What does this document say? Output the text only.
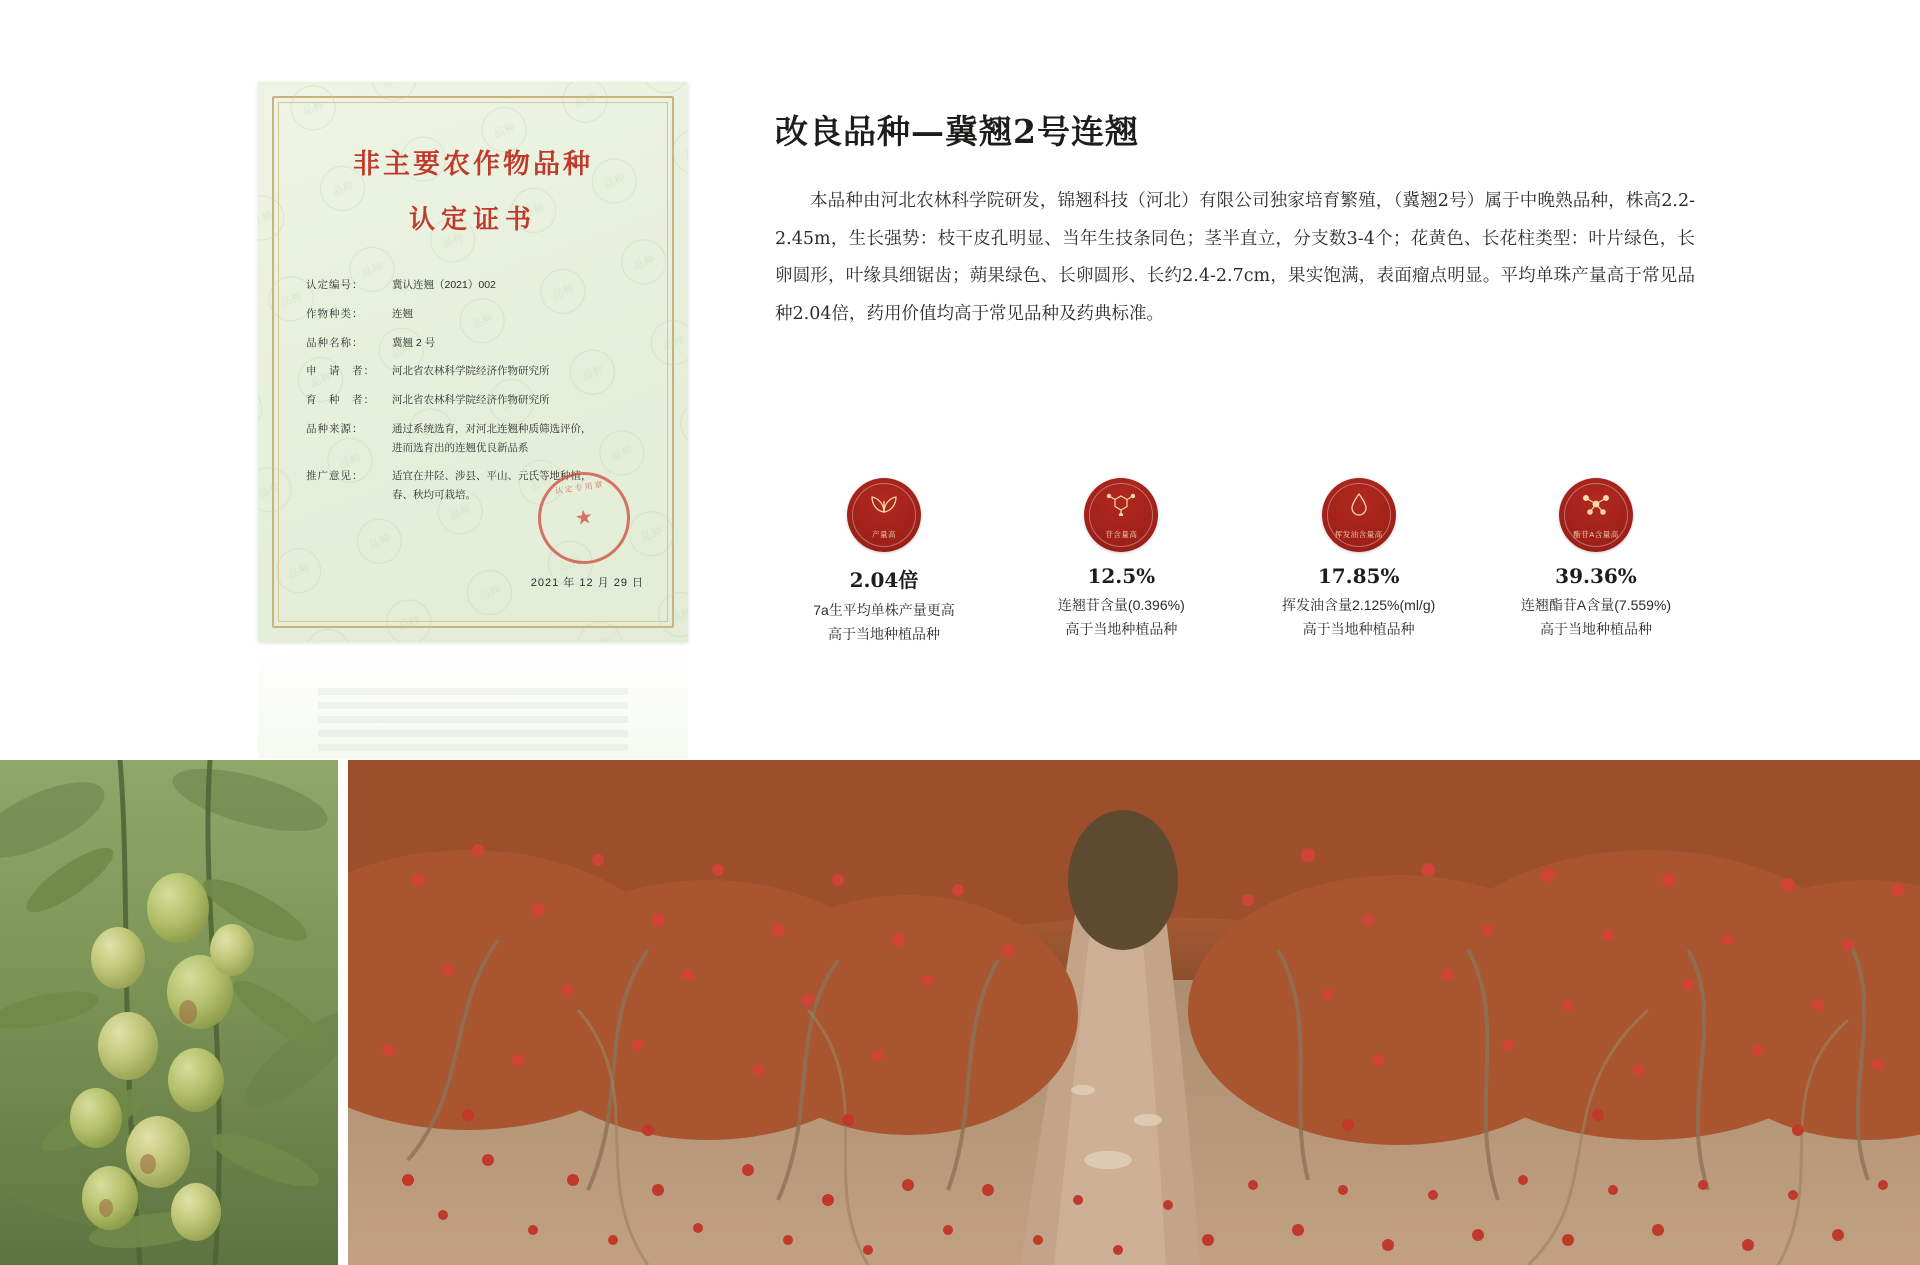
非主要农作物品种
认定证书
认定编号：	冀认连翘（2021）002
作物种类：	连翘
品种名称：	冀翘 2 号
申　请　者：	河北省农林科学院经济作物研究所
育　种　者：	河北省农林科学院经济作物研究所
品种来源：	通过系统选育，对河北连翘种质筛选评价，
进而选育出的连翘优良新品系
推广意见：	适宜在井陉、涉县、平山、元氏等地种植，
春、秋均可栽培。	认定专用章
★
2021 年 12 月 29 日
改良品种—冀翘2号连翘

本品种由河北农林科学院研发，锦翘科技（河北）有限公司独家培育繁殖，（冀翘2号）属于中晚熟品种，株高2.2-2.45m，生长强势：枝干皮孔明显、当年生技条同色；茎半直立，分支数3-4个；花黄色、长花柱类型：叶片绿色，长卵圆形，叶缘具细锯齿；蒴果绿色、长卵圆形、长约2.4-2.7cm，果实饱满，表面瘤点明显。平均单珠产量高于常见品种2.04倍，药用价值均高于常见品种及药典标准。

产量高
2.04倍
7a生平均单株产量更高
高于当地种植品种
苷含量高
12.5%
连翘苷含量(0.396%)
高于当地种植品种
挥发油含量高
17.85%
挥发油含量2.125%(ml/g)
高于当地种植品种
酯苷A含量高
39.36%
连翘酯苷A含量(7.559%)
高于当地种植品种
